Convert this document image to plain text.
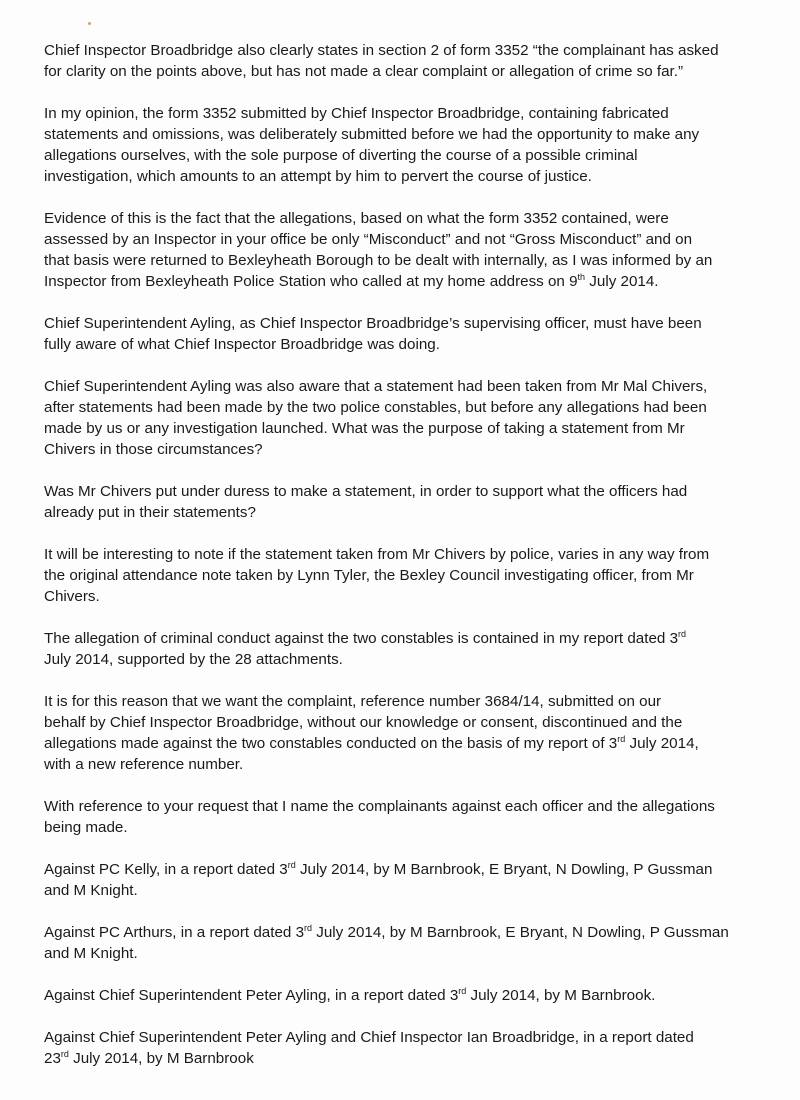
Chief Inspector Broadbridge also clearly states in section 2 of form 3352 “the complainant has asked
for clarity on the points above, but has not made a clear complaint or allegation of crime so far.”

In my opinion, the form 3352 submitted by Chief Inspector Broadbridge, containing fabricated
statements and omissions, was deliberately submitted before we had the opportunity to make any
allegations ourselves, with the sole purpose of diverting the course of a possible criminal
investigation, which amounts to an attempt by him to pervert the course of justice.

Evidence of this is the fact that the allegations, based on what the form 3352 contained, were
assessed by an Inspector in your office be only “Misconduct” and not “Gross Misconduct” and on
that basis were returned to Bexleyheath Borough to be dealt with internally, as I was informed by an
Inspector from Bexleyheath Police Station who called at my home address on 9th July 2014.

Chief Superintendent Ayling, as Chief Inspector Broadbridge’s supervising officer, must have been
fully aware of what Chief Inspector Broadbridge was doing.

Chief Superintendent Ayling was also aware that a statement had been taken from Mr Mal Chivers,
after statements had been made by the two police constables, but before any allegations had been
made by us or any investigation launched. What was the purpose of taking a statement from Mr
Chivers in those circumstances?

Was Mr Chivers put under duress to make a statement, in order to support what the officers had
already put in their statements?

It will be interesting to note if the statement taken from Mr Chivers by police, varies in any way from
the original attendance note taken by Lynn Tyler, the Bexley Council investigating officer, from Mr
Chivers.

The allegation of criminal conduct against the two constables is contained in my report dated 3rd
July 2014, supported by the 28 attachments.

It is for this reason that we want the complaint, reference number 3684/14, submitted on our
behalf by Chief Inspector Broadbridge, without our knowledge or consent, discontinued and the
allegations made against the two constables conducted on the basis of my report of 3rd July 2014,
with a new reference number.

With reference to your request that I name the complainants against each officer and the allegations
being made.

Against PC Kelly, in a report dated 3rd July 2014, by M Barnbrook, E Bryant, N Dowling, P Gussman
and M Knight.

Against PC Arthurs, in a report dated 3rd July 2014, by M Barnbrook, E Bryant, N Dowling, P Gussman
and M Knight.

Against Chief Superintendent Peter Ayling, in a report dated 3rd July 2014, by M Barnbrook.

Against Chief Superintendent Peter Ayling and Chief Inspector Ian Broadbridge, in a report dated
23rd July 2014, by M Barnbrook
